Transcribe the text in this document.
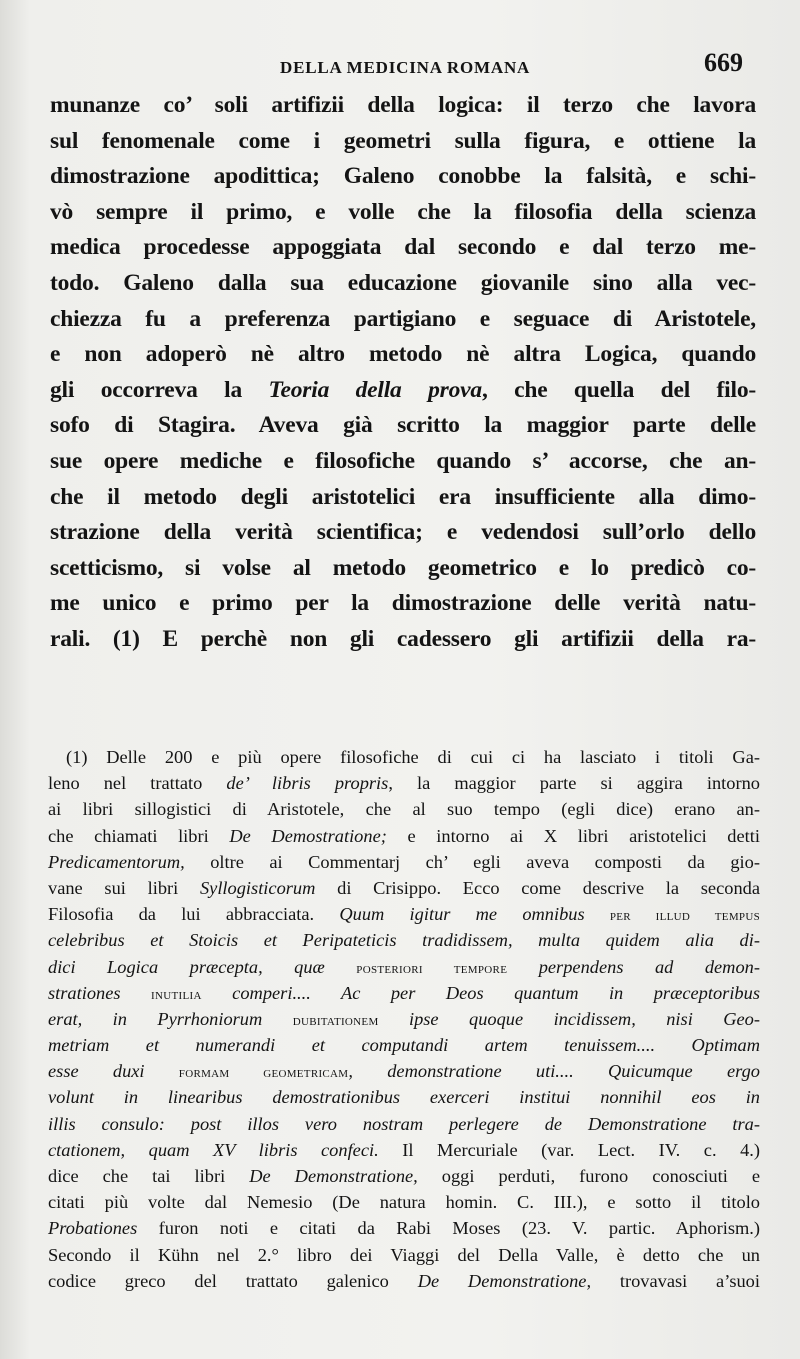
DELLA MEDICINA ROMANA	669
munanze co’ soli artifizii della logica: il terzo che lavora
sul fenomenale come i geometri sulla figura, e ottiene la
dimostrazione apodittica; Galeno conobbe la falsità, e schi-
vò sempre il primo, e volle che la filosofia della scienza
medica procedesse appoggiata dal secondo e dal terzo me-
todo. Galeno dalla sua educazione giovanile sino alla vec-
chiezza fu a preferenza partigiano e seguace di Aristotele,
e non adoperò nè altro metodo nè altra Logica, quando
gli occorreva la Teoria della prova, che quella del filo-
sofo di Stagira. Aveva già scritto la maggior parte delle
sue opere mediche e filosofiche quando s’ accorse, che an-
che il metodo degli aristotelici era insufficiente alla dimo-
strazione della verità scientifica; e vedendosi sull’orlo dello
scetticismo, si volse al metodo geometrico e lo predicò co-
me unico e primo per la dimostrazione delle verità natu-
rali. (1) E perchè non gli cadessero gli artifizii della ra-
(1) Delle 200 e più opere filosofiche di cui ci ha lasciato i titoli Ga-
leno nel trattato de’ libris propris, la maggior parte si aggira intorno
ai libri sillogistici di Aristotele, che al suo tempo (egli dice) erano an-
che chiamati libri De Demostratione; e intorno ai X libri aristotelici detti
Predicamentorum, oltre ai Commentarj ch’ egli aveva composti da gio-
vane sui libri Syllogisticorum di Crisippo. Ecco come descrive la seconda
Filosofia da lui abbracciata. Quum igitur me omnibus per illud tempus
celebribus et Stoicis et Peripateticis tradidissem, multa quidem alia di-
dici Logica præcepta, quæ posteriori tempore perpendens ad demon-
strationes inutilia comperi.... Ac per Deos quantum in præceptoribus
erat, in Pyrrhoniorum dubitationem ipse quoque incidissem, nisi Geo-
metriam et numerandi et computandi artem tenuissem.... Optimam
esse duxi formam geometricam, demonstratione uti.... Quicumque ergo
volunt in linearibus demostrationibus exerceri institui nonnihil eos in
illis consulo: post illos vero nostram perlegere de Demonstratione tra-
ctationem, quam XV libris confeci. Il Mercuriale (var. Lect. IV. c. 4.)
dice che tai libri De Demonstratione, oggi perduti, furono conosciuti e
citati più volte dal Nemesio (De natura homin. C. III.), e sotto il titolo
Probationes furon noti e citati da Rabi Moses (23. V. partic. Aphorism.)
Secondo il Kühn nel 2.° libro dei Viaggi del Della Valle, è detto che un
codice greco del trattato galenico De Demonstratione, trovavasi a’suoi
